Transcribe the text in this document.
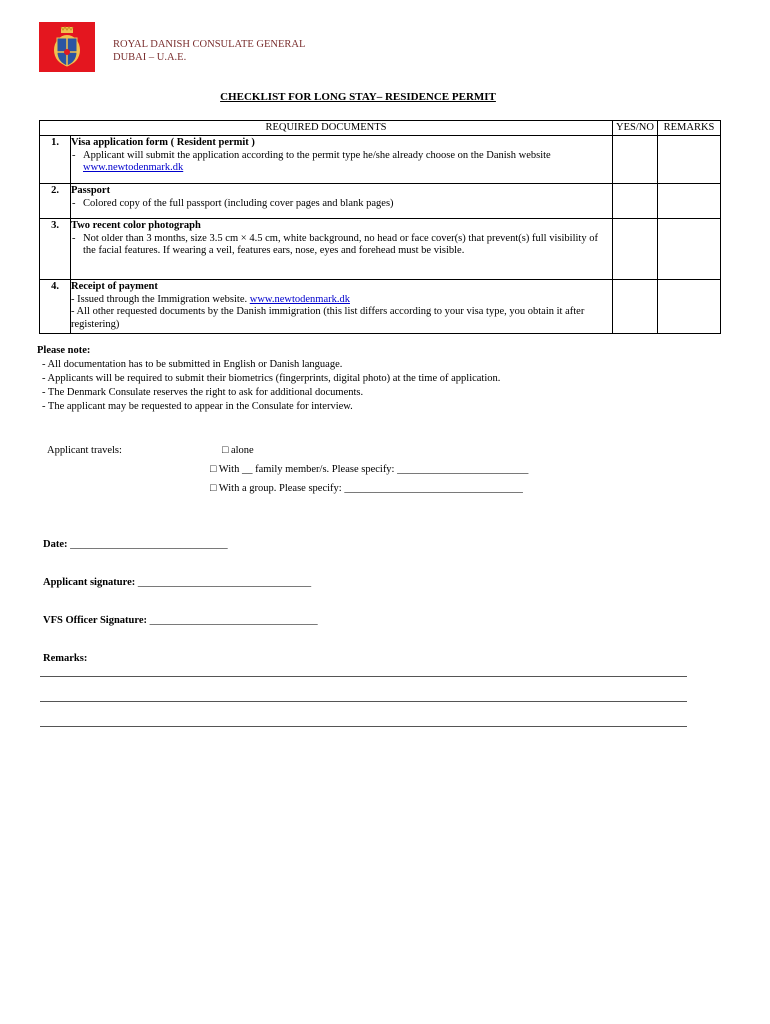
ROYAL DANISH CONSULATE GENERAL
DUBAI – U.A.E.
CHECKLIST FOR LONG STAY– RESIDENCE PERMIT
REQUIRED DOCUMENTS		YES/NO	REMARKS
1.	Visa application form ( Resident permit )
- Applicant will submit the application according to the permit type he/she already choose on the Danish website
www.newtodenmark.dk

2.	Passport
- Colored copy of the full passport (including cover pages and blank pages)

3.	Two recent color photograph
- Not older than 3 months, size 3.5 cm × 4.5 cm, white background, no head or face cover(s) that prevent(s) full visibility of the facial features. If wearing a veil, features ears, nose, eyes and forehead must be visible.

4.	Receipt of payment
- Issued through the Immigration website. www.newtodenmark.dk
- All other requested documents by the Danish immigration (this list differs according to your visa type, you obtain it after registering)		

Please note:
- All documentation has to be submitted in English or Danish language.
- Applicants will be required to submit their biometrics (fingerprints, digital photo) at the time of application.
- The Denmark Consulate reserves the right to ask for additional documents.
- The applicant may be requested to appear in the Consulate for interview.
Applicant travels:	□ alone
□ With __ family member/s. Please specify: _________________________
□ With a group. Please specify: __________________________________
Date: ______________________________
Applicant signature: _________________________________
VFS Officer Signature: ________________________________
Remarks:
